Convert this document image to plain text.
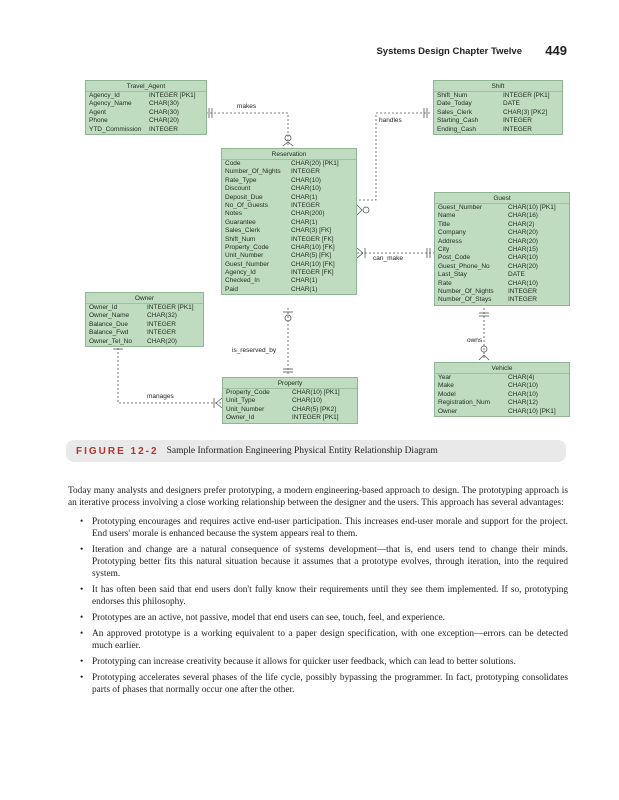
Systems Design Chapter Twelve 449
makes
handles
can_make
is_reserved_by
manages
owns
Travel_Agent
Agency_Id	INTEGER [PK1]
Agency_Name	CHAR(30)
Agent	CHAR(30)
Phone	CHAR(20)
YTD_Commission	INTEGER
Shift
Shift_Num	INTEGER [PK1]
Date_Today	DATE
Sales_Clerk	CHAR(3) [PK2]
Starting_Cash	INTEGER
Ending_Cash	INTEGER
Reservation
Code	CHAR(20) [PK1]
Number_Of_Nights	INTEGER
Rate_Type	CHAR(10)
Discount	CHAR(10)
Deposit_Due	CHAR(1)
No_Of_Guests	INTEGER
Notes	CHAR(200)
Guarantee	CHAR(1)
Sales_Clerk	CHAR(3) [FK]
Shift_Num	INTEGER [FK]
Property_Code	CHAR(10) [FK]
Unit_Number	CHAR(5) [FK]
Guest_Number	CHAR(10) [FK]
Agency_Id	INTEGER [FK]
Checked_In	CHAR(1)
Paid	CHAR(1)
Guest
Guest_Number	CHAR(10) [PK1]
Name	CHAR(16)
Title	CHAR(2)
Company	CHAR(20)
Address	CHAR(20)
City	CHAR(15)
Post_Code	CHAR(10)
Guest_Phone_No	CHAR(20)
Last_Stay	DATE
Rate	CHAR(10)
Number_Of_Nights	INTEGER
Number_Of_Stays	INTEGER
Owner
Owner_Id	INTEGER [PK1]
Owner_Name	CHAR(32)
Balance_Due	INTEGER
Balance_Fwd	INTEGER
Owner_Tel_No	CHAR(20)
Property
Property_Code	CHAR(10) [PK1]
Unit_Type	CHAR(10)
Unit_Number	CHAR(5) [PK2]
Owner_Id	INTEGER [PK1]
Vehicle
Year	CHAR(4)
Make	CHAR(10)
Model	CHAR(10)
Registration_Num	CHAR(12)
Owner	CHAR(10) [PK1]
FIGURE 12-2 Sample Information Engineering Physical Entity Relationship Diagram

Today many analysts and designers prefer prototyping, a modern engineering-based approach to design. The prototyping approach is an iterative process involving a close working relationship between the designer and the users. This approach has several advantages:

• Prototyping encourages and requires active end-user participation. This increases end-user morale and support for the project. End users' morale is enhanced because the system appears real to them.
• Iteration and change are a natural consequence of systems development—that is, end users tend to change their minds. Prototyping better fits this natural situation because it assumes that a prototype evolves, through iteration, into the required system.
• It has often been said that end users don't fully know their requirements until they see them implemented. If so, prototyping endorses this philosophy.
• Prototypes are an active, not passive, model that end users can see, touch, feel, and experience.
• An approved prototype is a working equivalent to a paper design specification, with one exception—errors can be detected much earlier.
• Prototyping can increase creativity because it allows for quicker user feedback, which can lead to better solutions.
• Prototyping accelerates several phases of the life cycle, possibly bypassing the programmer. In fact, prototyping consolidates parts of phases that normally occur one after the other.
